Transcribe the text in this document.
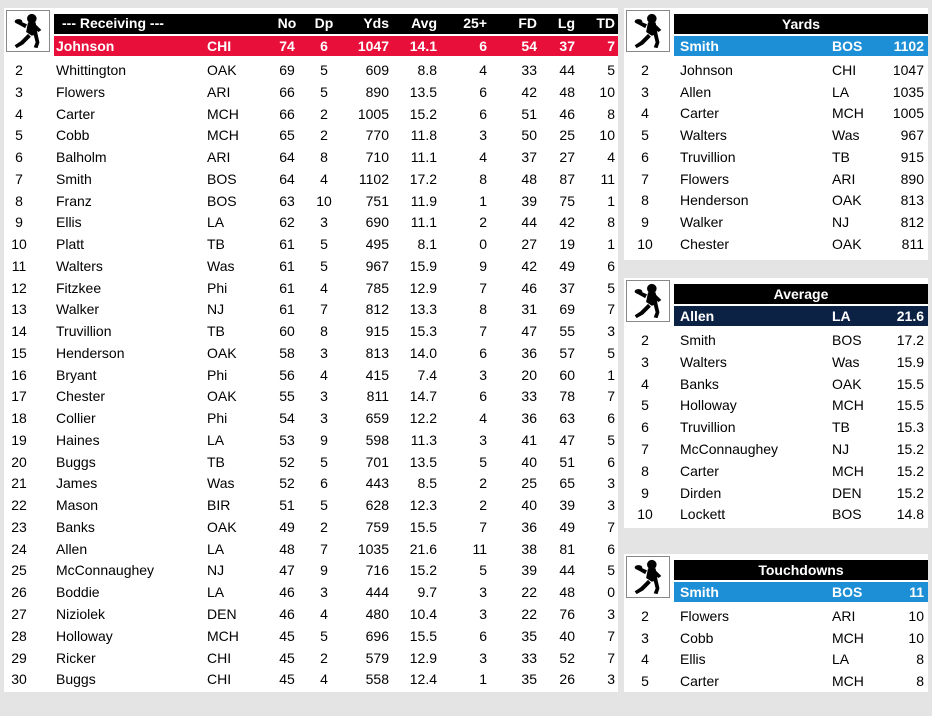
--- Receiving ---	No	Dp	Yds	Avg	25+	FD	Lg	TD
Johnson	CHI	74	6	1047	14.1	6	54	37	7
2	Whittington	OAK	69	5	609	8.8	4	33	44	5
3	Flowers	ARI	66	5	890	13.5	6	42	48	10
4	Carter	MCH	66	2	1005	15.2	6	51	46	8
5	Cobb	MCH	65	2	770	11.8	3	50	25	10
6	Balholm	ARI	64	8	710	11.1	4	37	27	4
7	Smith	BOS	64	4	1102	17.2	8	48	87	11
8	Franz	BOS	63	10	751	11.9	1	39	75	1
9	Ellis	LA	62	3	690	11.1	2	44	42	8
10	Platt	TB	61	5	495	8.1	0	27	19	1
11	Walters	Was	61	5	967	15.9	9	42	49	6
12	Fitzkee	Phi	61	4	785	12.9	7	46	37	5
13	Walker	NJ	61	7	812	13.3	8	31	69	7
14	Truvillion	TB	60	8	915	15.3	7	47	55	3
15	Henderson	OAK	58	3	813	14.0	6	36	57	5
16	Bryant	Phi	56	4	415	7.4	3	20	60	1
17	Chester	OAK	55	3	811	14.7	6	33	78	7
18	Collier	Phi	54	3	659	12.2	4	36	63	6
19	Haines	LA	53	9	598	11.3	3	41	47	5
20	Buggs	TB	52	5	701	13.5	5	40	51	6
21	James	Was	52	6	443	8.5	2	25	65	3
22	Mason	BIR	51	5	628	12.3	2	40	39	3
23	Banks	OAK	49	2	759	15.5	7	36	49	7
24	Allen	LA	48	7	1035	21.6	11	38	81	6
25	McConnaughey	NJ	47	9	716	15.2	5	39	44	5
26	Boddie	LA	46	3	444	9.7	3	22	48	0
27	Niziolek	DEN	46	4	480	10.4	3	22	76	3
28	Holloway	MCH	45	5	696	15.5	6	35	40	7
29	Ricker	CHI	45	2	579	12.9	3	33	52	7
30	Buggs	CHI	45	4	558	12.4	1	35	26	3
Yards
Smith	BOS	1102
2	Johnson	CHI	1047
3	Allen	LA	1035
4	Carter	MCH	1005
5	Walters	Was	967
6	Truvillion	TB	915
7	Flowers	ARI	890
8	Henderson	OAK	813
9	Walker	NJ	812
10	Chester	OAK	811
Average
Allen	LA	21.6
2	Smith	BOS	17.2
3	Walters	Was	15.9
4	Banks	OAK	15.5
5	Holloway	MCH	15.5
6	Truvillion	TB	15.3
7	McConnaughey	NJ	15.2
8	Carter	MCH	15.2
9	Dirden	DEN	15.2
10	Lockett	BOS	14.8
Touchdowns
Smith	BOS	11
2	Flowers	ARI	10
3	Cobb	MCH	10
4	Ellis	LA	8
5	Carter	MCH	8
